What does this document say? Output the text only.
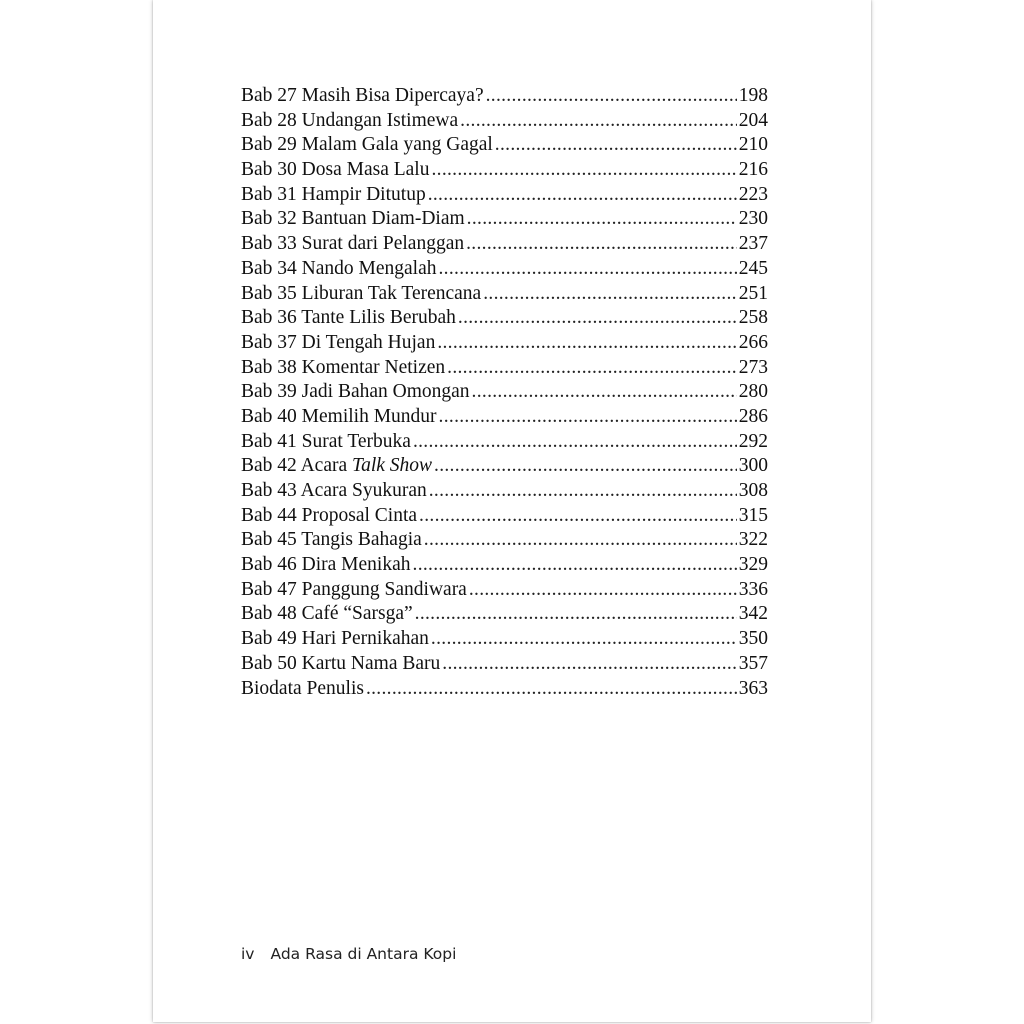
Bab 27 Masih Bisa Dipercaya? .....	198
Bab 28 Undangan Istimewa .....	204
Bab 29 Malam Gala yang Gagal .....	210
Bab 30 Dosa Masa Lalu .....	216
Bab 31 Hampir Ditutup .....	223
Bab 32 Bantuan Diam-Diam .....	230
Bab 33 Surat dari Pelanggan .....	237
Bab 34 Nando Mengalah .....	245
Bab 35 Liburan Tak Terencana .....	251
Bab 36 Tante Lilis Berubah .....	258
Bab 37 Di Tengah Hujan .....	266
Bab 38 Komentar Netizen .....	273
Bab 39 Jadi Bahan Omongan .....	280
Bab 40 Memilih Mundur .....	286
Bab 41 Surat Terbuka .....	292
Bab 42 Acara Talk Show .....	300
Bab 43 Acara Syukuran .....	308
Bab 44 Proposal Cinta .....	315
Bab 45 Tangis Bahagia .....	322
Bab 46 Dira Menikah .....	329
Bab 47 Panggung Sandiwara .....	336
Bab 48 Café “Sarsga” .....	342
Bab 49 Hari Pernikahan .....	350
Bab 50 Kartu Nama Baru .....	357
Biodata Penulis .....	363
iv Ada Rasa di Antara Kopi
